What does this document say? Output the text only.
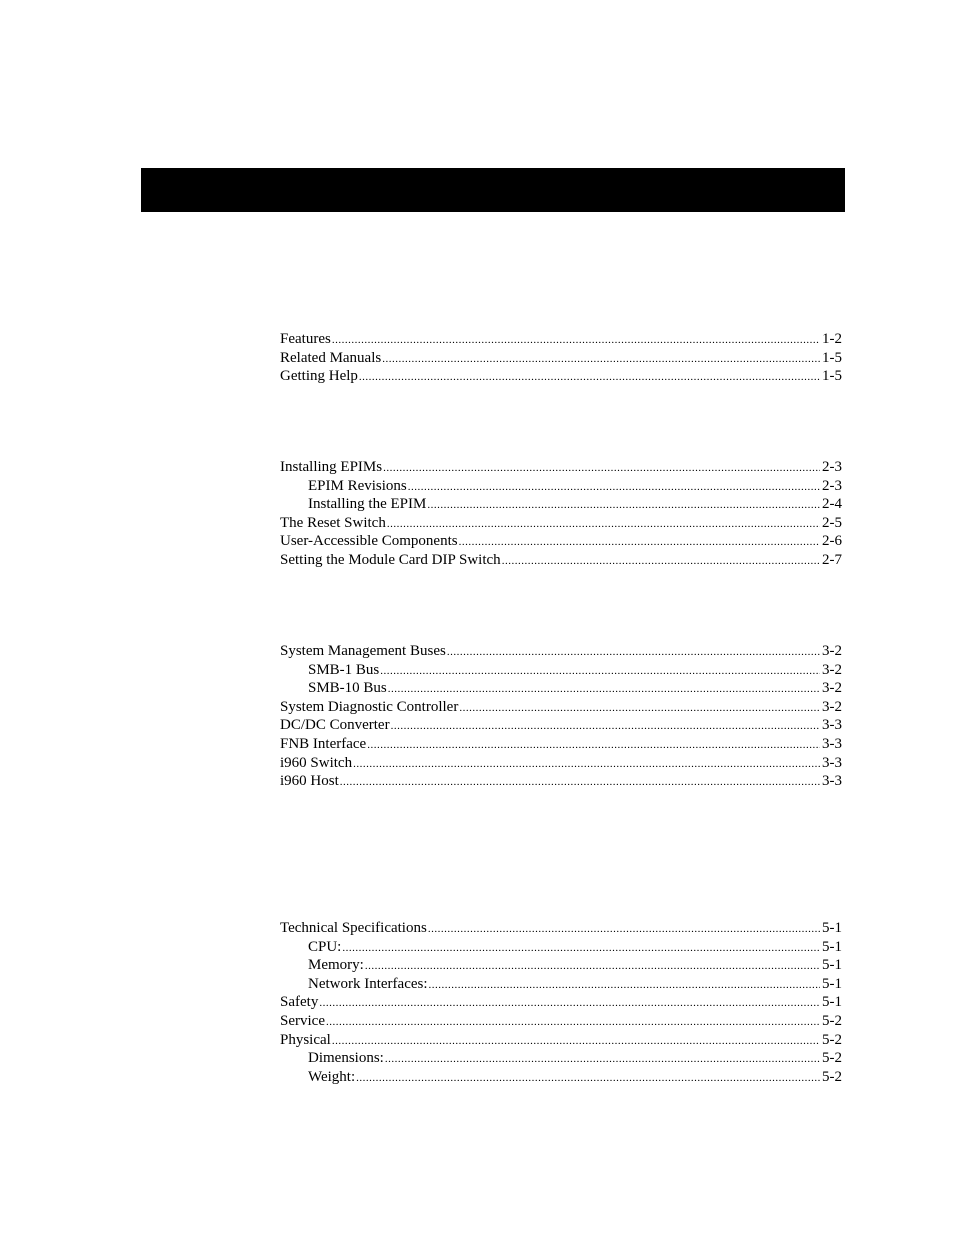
Features .....	1-2
Related Manuals .....	1-5
Getting Help .....	1-5
Installing EPIMs .....	2-3
EPIM Revisions .....	2-3
Installing the EPIM .....	2-4
The Reset Switch .....	2-5
User-Accessible Components .....	2-6
Setting the Module Card DIP Switch .....	2-7
System Management Buses .....	3-2
SMB-1 Bus .....	3-2
SMB-10 Bus .....	3-2
System Diagnostic Controller .....	3-2
DC/DC Converter .....	3-3
FNB Interface .....	3-3
i960 Switch .....	3-3
i960 Host .....	3-3
Technical Specifications .....	5-1
CPU: .....	5-1
Memory: .....	5-1
Network Interfaces: .....	5-1
Safety .....	5-1
Service .....	5-2
Physical .....	5-2
Dimensions: .....	5-2
Weight: .....	5-2
